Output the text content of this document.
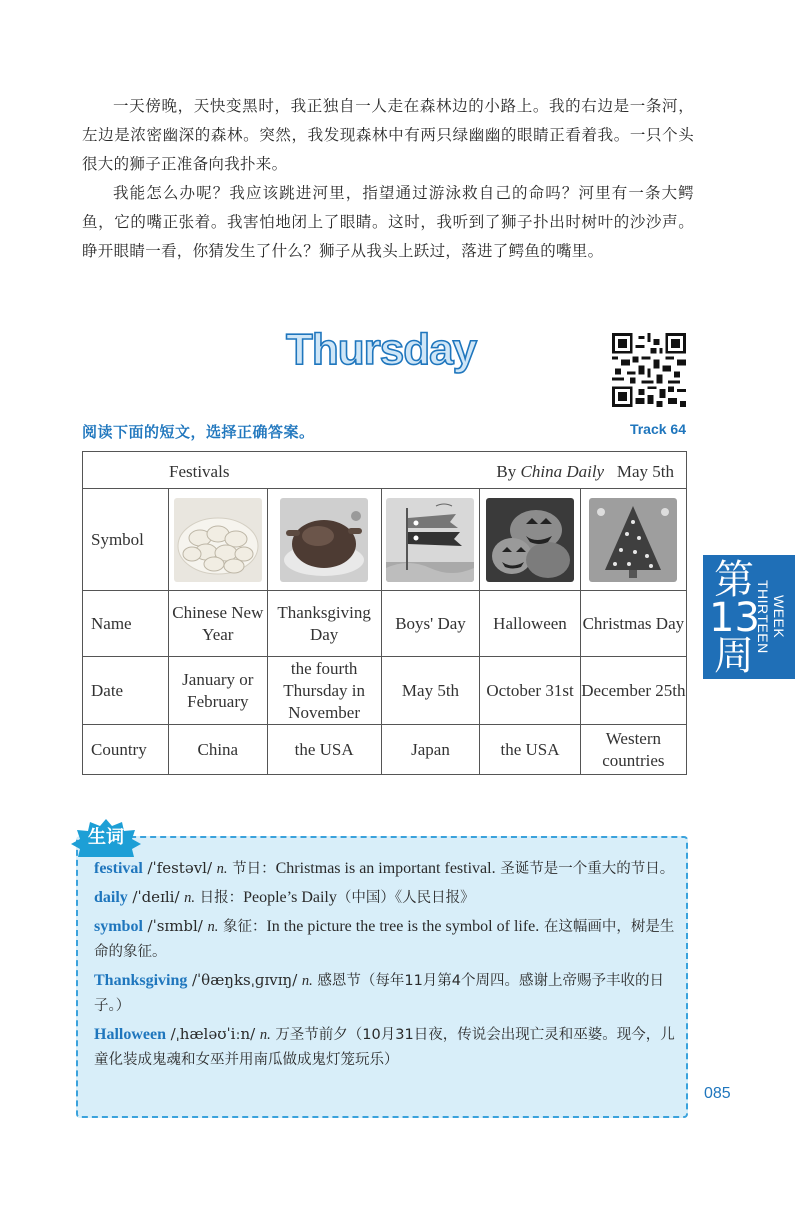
一天傍晚，天快变黑时，我正独自一人走在森林边的小路上。我的右边是一条河，左边是浓密幽深的森林。突然，我发现森林中有两只绿幽幽的眼睛正看着我。一只个头很大的狮子正准备向我扑来。

我能怎么办呢？我应该跳进河里，指望通过游泳救自己的命吗？河里有一条大鳄鱼，它的嘴正张着。我害怕地闭上了眼睛。这时，我听到了狮子扑出时树叶的沙沙声。睁开眼睛一看，你猜发生了什么？狮子从我头上跃过，落进了鳄鱼的嘴里。

Thursday
阅读下面的短文，选择正确答案。	Track 64
Festivals By China Daily May 5th					

Symbol	

Name	Chinese New Year	Thanksgiving Day	Boys' Day	Halloween	Christmas Day
Date	January or February	the fourth Thursday in November	May 5th	October 31st	December 25th
Country	China	the USA	Japan	the USA	Western countries
第13周
WEEK THIRTEEN
生词
festival /ˈfestəvl/ n. 节日：Christmas is an important festival. 圣诞节是一个重大的节日。
daily /ˈdeɪli/ n. 日报：People’s Daily（中国）《人民日报》
symbol /ˈsɪmbl/ n. 象征：In the picture the tree is the symbol of life. 在这幅画中，树是生命的象征。
Thanksgiving /ˈθæŋksˌɡɪvɪŋ/ n. 感恩节（每年11月第4个周四。感谢上帝赐予丰收的日子。）
Halloween /ˌhæləʊˈiːn/ n. 万圣节前夕（10月31日夜，传说会出现亡灵和巫婆。现今，儿童化装成鬼魂和女巫并用南瓜做成鬼灯笼玩乐）
085
